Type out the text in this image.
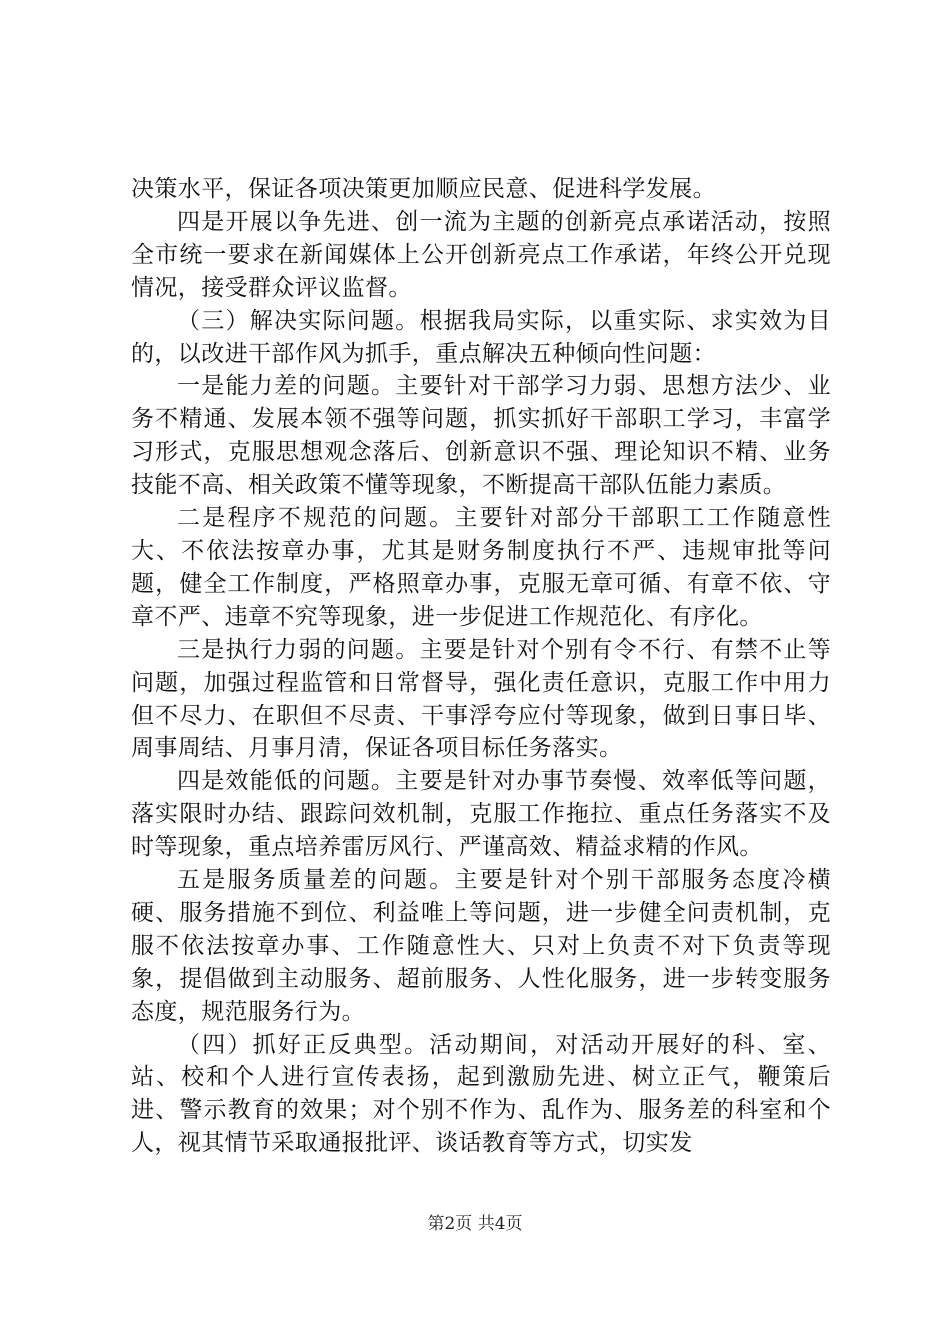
决策水平，保证各项决策更加顺应民意、促进科学发展。

四是开展以争先进、创一流为主题的创新亮点承诺活动，按照全市统一要求在新闻媒体上公开创新亮点工作承诺，年终公开兑现情况，接受群众评议监督。

（三）解决实际问题。根据我局实际，以重实际、求实效为目的，以改进干部作风为抓手，重点解决五种倾向性问题：

一是能力差的问题。主要针对干部学习力弱、思想方法少、业务不精通、发展本领不强等问题，抓实抓好干部职工学习，丰富学习形式，克服思想观念落后、创新意识不强、理论知识不精、业务技能不高、相关政策不懂等现象，不断提高干部队伍能力素质。

二是程序不规范的问题。主要针对部分干部职工工作随意性大、不依法按章办事，尤其是财务制度执行不严、违规审批等问题，健全工作制度，严格照章办事，克服无章可循、有章不依、守章不严、违章不究等现象，进一步促进工作规范化、有序化。

三是执行力弱的问题。主要是针对个别有令不行、有禁不止等问题，加强过程监管和日常督导，强化责任意识，克服工作中用力但不尽力、在职但不尽责、干事浮夸应付等现象，做到日事日毕、周事周结、月事月清，保证各项目标任务落实。

四是效能低的问题。主要是针对办事节奏慢、效率低等问题，落实限时办结、跟踪问效机制，克服工作拖拉、重点任务落实不及时等现象，重点培养雷厉风行、严谨高效、精益求精的作风。

五是服务质量差的问题。主要是针对个别干部服务态度冷横硬、服务措施不到位、利益唯上等问题，进一步健全问责机制，克服不依法按章办事、工作随意性大、只对上负责不对下负责等现象，提倡做到主动服务、超前服务、人性化服务，进一步转变服务态度，规范服务行为。

（四）抓好正反典型。活动期间，对活动开展好的科、室、站、校和个人进行宣传表扬，起到激励先进、树立正气，鞭策后进、警示教育的效果；对个别不作为、乱作为、服务差的科室和个人，视其情节采取通报批评、谈话教育等方式，切实发

第2页 共4页
